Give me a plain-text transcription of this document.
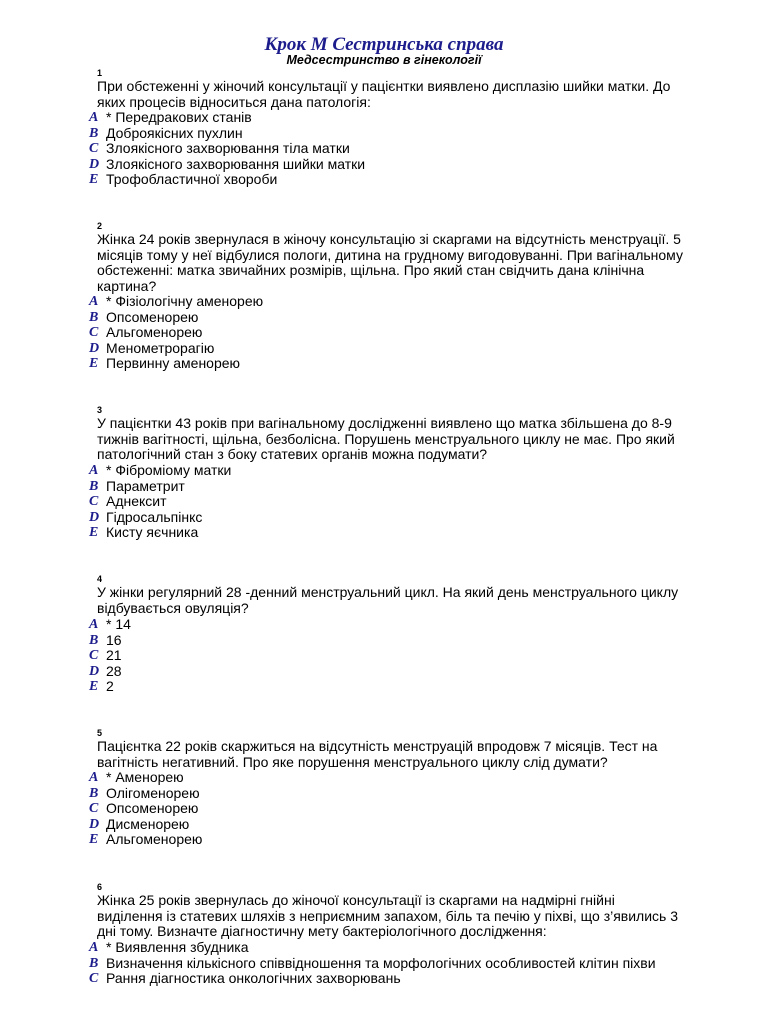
Крок М Сестринська справа
Медсестринство в гінекології
1
При обстеженні у жіночий консультації у пацієнтки виявлено дисплазію шийки матки. До
яких процесів відноситься дана патологія:
A * Передракових станів
B Доброякісних пухлин
C Злоякісного захворювання тіла матки
D Злоякісного захворювання шийки матки
E Трофобластичної хвороби
2
Жінка 24 років звернулася в жіночу консультацію зі скаргами на відсутність менструації. 5
місяців тому у неї відбулися пологи, дитина на грудному вигодовуванні. При вагінальному
обстеженні: матка звичайних розмірів, щільна. Про який стан свідчить дана клінічна
картина?
A * Фізіологічну аменорею
B Опсоменорею
C Альгоменорею
D Менометрорагію
E Первинну аменорею
3
У пацієнтки 43 років при вагінальному дослідженні виявлено що матка збільшена до 8-9
тижнів вагітності, щільна, безболісна. Порушень менструального циклу не має. Про який
патологічний стан з боку статевих органів можна подумати?
A * Фіброміому матки
B Параметрит
C Аднексит
D Гідросальпінкс
E Кисту яєчника
4
У жінки регулярний 28 -денний менструальний цикл. На який день менструального циклу
відбувається овуляція?
A * 14
B 16
C 21
D 28
E 2
5
Пацієнтка 22 років скаржиться на відсутність менструацій впродовж 7 місяців. Тест на
вагітність негативний. Про яке порушення менструального циклу слід думати?
A * Аменорею
B Олігоменорею
C Опсоменорею
D Дисменорею
E Альгоменорею
6
Жінка 25 років звернулась до жіночої консультації із скаргами на надмірні гнійні
виділення із статевих шляхів з неприємним запахом, біль та печію у піхві, що з’явились 3
дні тому. Визначте діагностичну мету бактеріологічного дослідження:
A * Виявлення збудника
B Визначення кількісного співвідношення та морфологічних особливостей клітин піхви
C Рання діагностика онкологічних захворювань
